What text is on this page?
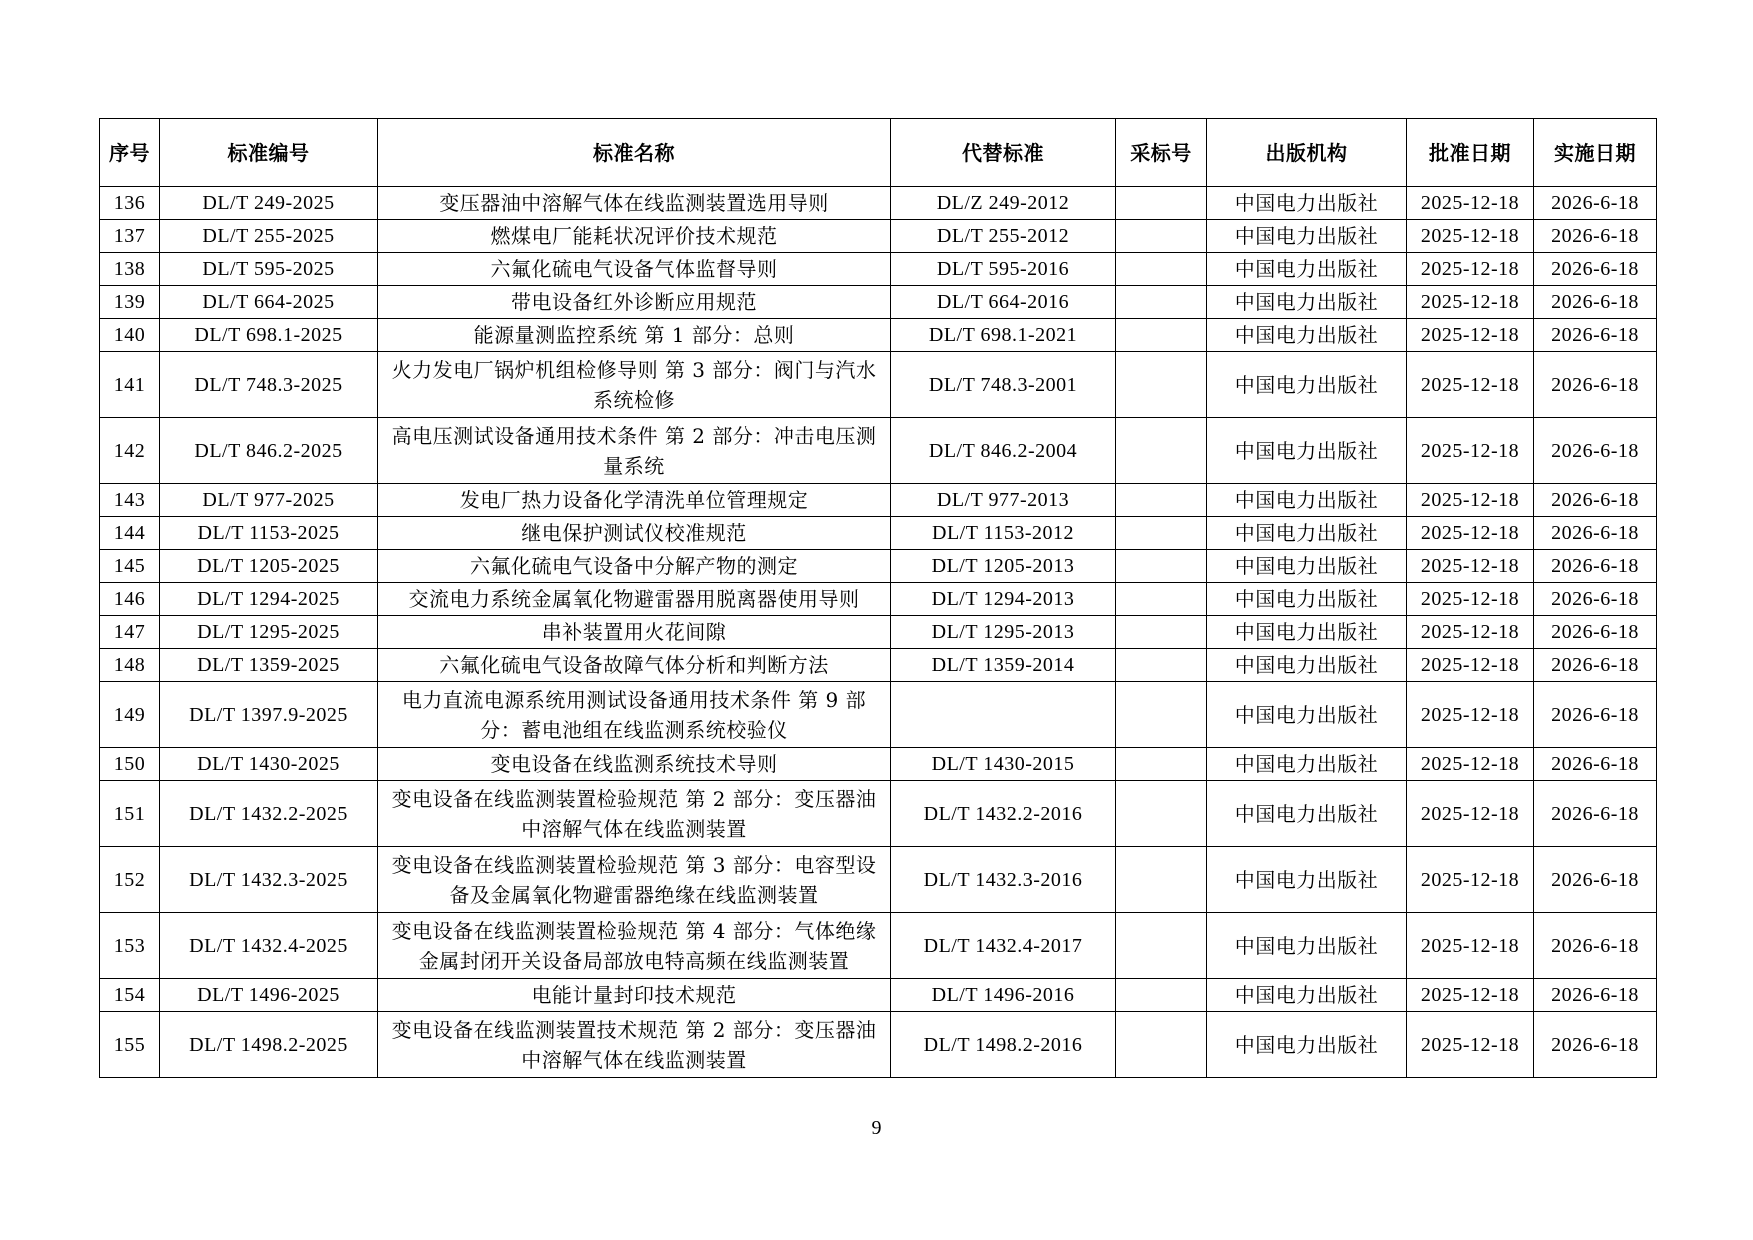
序号	标准编号	标准名称	代替标准	采标号	出版机构	批准日期	实施日期
136	DL/T 249-2025	变压器油中溶解气体在线监测装置选用导则	DL/Z 249-2012		中国电力出版社	2025-12-18	2026-6-18
137	DL/T 255-2025	燃煤电厂能耗状况评价技术规范	DL/T 255-2012		中国电力出版社	2025-12-18	2026-6-18
138	DL/T 595-2025	六氟化硫电气设备气体监督导则	DL/T 595-2016		中国电力出版社	2025-12-18	2026-6-18
139	DL/T 664-2025	带电设备红外诊断应用规范	DL/T 664-2016		中国电力出版社	2025-12-18	2026-6-18
140	DL/T 698.1-2025	能源量测监控系统 第 1 部分：总则	DL/T 698.1-2021		中国电力出版社	2025-12-18	2026-6-18
141	DL/T 748.3-2025	火力发电厂锅炉机组检修导则 第 3 部分：阀门与汽水系统检修	DL/T 748.3-2001		中国电力出版社	2025-12-18	2026-6-18
142	DL/T 846.2-2025	高电压测试设备通用技术条件 第 2 部分：冲击电压测量系统	DL/T 846.2-2004		中国电力出版社	2025-12-18	2026-6-18
143	DL/T 977-2025	发电厂热力设备化学清洗单位管理规定	DL/T 977-2013		中国电力出版社	2025-12-18	2026-6-18
144	DL/T 1153-2025	继电保护测试仪校准规范	DL/T 1153-2012		中国电力出版社	2025-12-18	2026-6-18
145	DL/T 1205-2025	六氟化硫电气设备中分解产物的测定	DL/T 1205-2013		中国电力出版社	2025-12-18	2026-6-18
146	DL/T 1294-2025	交流电力系统金属氧化物避雷器用脱离器使用导则	DL/T 1294-2013		中国电力出版社	2025-12-18	2026-6-18
147	DL/T 1295-2025	串补装置用火花间隙	DL/T 1295-2013		中国电力出版社	2025-12-18	2026-6-18
148	DL/T 1359-2025	六氟化硫电气设备故障气体分析和判断方法	DL/T 1359-2014		中国电力出版社	2025-12-18	2026-6-18
149	DL/T 1397.9-2025	电力直流电源系统用测试设备通用技术条件 第 9 部分：蓄电池组在线监测系统校验仪			中国电力出版社	2025-12-18	2026-6-18
150	DL/T 1430-2025	变电设备在线监测系统技术导则	DL/T 1430-2015		中国电力出版社	2025-12-18	2026-6-18
151	DL/T 1432.2-2025	变电设备在线监测装置检验规范 第 2 部分：变压器油中溶解气体在线监测装置	DL/T 1432.2-2016		中国电力出版社	2025-12-18	2026-6-18
152	DL/T 1432.3-2025	变电设备在线监测装置检验规范 第 3 部分：电容型设备及金属氧化物避雷器绝缘在线监测装置	DL/T 1432.3-2016		中国电力出版社	2025-12-18	2026-6-18
153	DL/T 1432.4-2025	变电设备在线监测装置检验规范 第 4 部分：气体绝缘金属封闭开关设备局部放电特高频在线监测装置	DL/T 1432.4-2017		中国电力出版社	2025-12-18	2026-6-18
154	DL/T 1496-2025	电能计量封印技术规范	DL/T 1496-2016		中国电力出版社	2025-12-18	2026-6-18
155	DL/T 1498.2-2025	变电设备在线监测装置技术规范 第 2 部分：变压器油中溶解气体在线监测装置	DL/T 1498.2-2016		中国电力出版社	2025-12-18	2026-6-18
9
